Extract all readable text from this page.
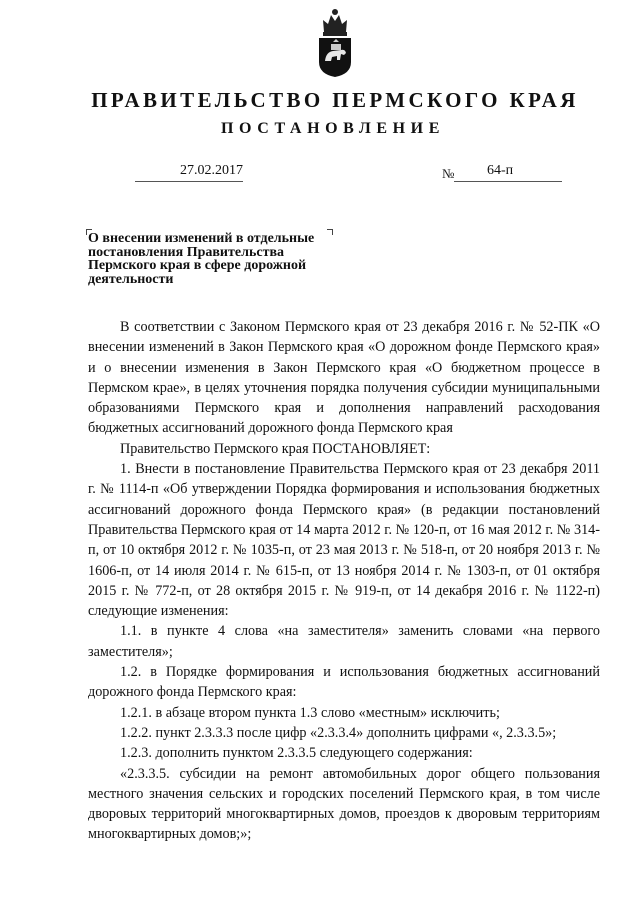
ПРАВИТЕЛЬСТВО ПЕРМСКОГО КРАЯ
ПОСТАНОВЛЕНИЕ
27.02.2017	№ 64-п
О внесении изменений в отдельные
постановления Правительства
Пермского края в сфере дорожной
деятельности

В соответствии с Законом Пермского края от 23 декабря 2016 г. № 52-ПК «О внесении изменений в Закон Пермского края «О дорожном фонде Пермского края» и о внесении изменения в Закон Пермского края «О бюджетном процессе в Пермском крае», в целях уточнения порядка получения субсидии муниципальными образованиями Пермского края и дополнения направлений расходования бюджетных ассигнований дорожного фонда Пермского края

Правительство Пермского края ПОСТАНОВЛЯЕТ:

1. Внести в постановление Правительства Пермского края от 23 декабря 2011 г. № 1114-п «Об утверждении Порядка формирования и использования бюджетных ассигнований дорожного фонда Пермского края» (в редакции постановлений Правительства Пермского края от 14 марта 2012 г. № 120-п, от 16 мая 2012 г. № 314-п, от 10 октября 2012 г. № 1035-п, от 23 мая 2013 г. № 518-п, от 20 ноября 2013 г. № 1606-п, от 14 июля 2014 г. № 615-п, от 13 ноября 2014 г. № 1303-п, от 01 октября 2015 г. № 772-п, от 28 октября 2015 г. № 919-п, от 14 декабря 2016 г. № 1122-п) следующие изменения:

1.1. в пункте 4 слова «на заместителя» заменить словами «на первого заместителя»;

1.2. в Порядке формирования и использования бюджетных ассигнований дорожного фонда Пермского края:

1.2.1. в абзаце втором пункта 1.3 слово «местным» исключить;

1.2.2. пункт 2.3.3.3 после цифр «2.3.3.4» дополнить цифрами «, 2.3.3.5»;

1.2.3. дополнить пунктом 2.3.3.5 следующего содержания:

«2.3.3.5. субсидии на ремонт автомобильных дорог общего пользования местного значения сельских и городских поселений Пермского края, в том числе дворовых территорий многоквартирных домов, проездов к дворовым территориям многоквартирных домов;»;
